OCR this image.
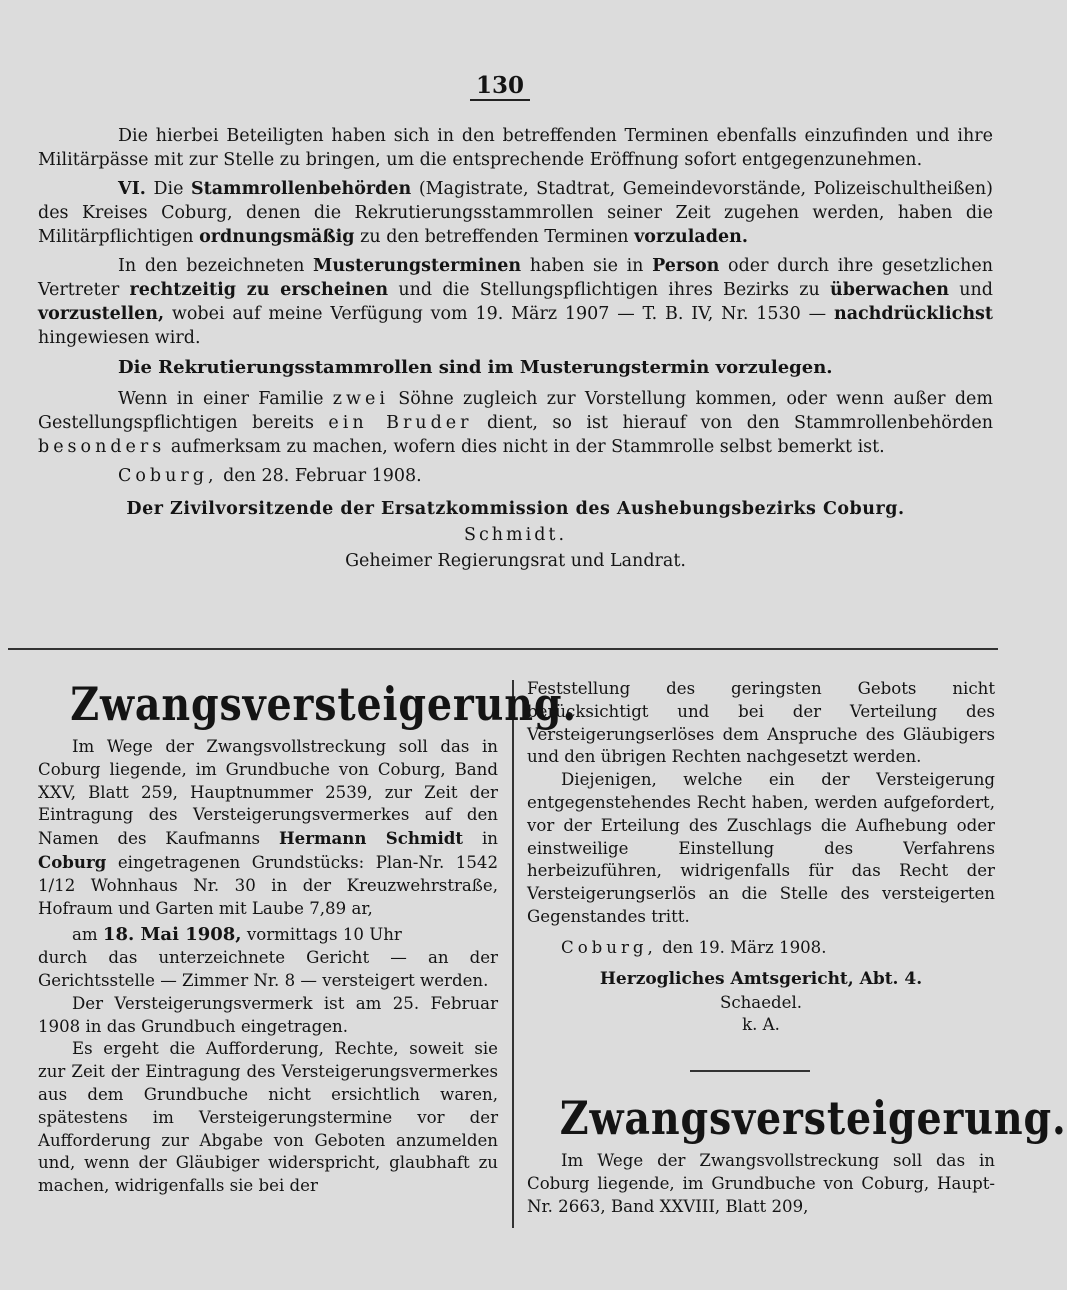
130

Die hierbei Beteiligten haben sich in den betreffenden Terminen ebenfalls einzufinden und ihre Militärpässe mit zur Stelle zu bringen, um die entsprechende Eröffnung sofort entgegenzunehmen.

VI. Die Stammrollenbehörden (Magistrate, Stadtrat, Gemeindevorstände, Polizeischultheißen) des Kreises Coburg, denen die Rekrutierungsstammrollen seiner Zeit zugehen werden, haben die Militärpflichtigen ordnungsmäßig zu den betreffenden Terminen vorzuladen.

In den bezeichneten Musterungsterminen haben sie in Person oder durch ihre gesetzlichen Vertreter rechtzeitig zu erscheinen und die Stellungspflichtigen ihres Bezirks zu überwachen und vorzustellen, wobei auf meine Verfügung vom 19. März 1907 — T. B. IV, Nr. 1530 — nachdrücklichst hingewiesen wird.

Die Rekrutierungsstammrollen sind im Musterungstermin vorzulegen.

Wenn in einer Familie zwei Söhne zugleich zur Vorstellung kommen, oder wenn außer dem Gestellungspflichtigen bereits ein Bruder dient, so ist hierauf von den Stammrollenbehörden besonders aufmerksam zu machen, wofern dies nicht in der Stammrolle selbst bemerkt ist.

Coburg, den 28. Februar 1908.

Der Zivilvorsitzende der Ersatzkommission des Aushebungsbezirks Coburg.
Schmidt.
Geheimer Regierungsrat und Landrat.
Zwangsversteigerung.

Im Wege der Zwangsvollstreckung soll das in Coburg liegende, im Grundbuche von Coburg, Band XXV, Blatt 259, Hauptnummer 2539, zur Zeit der Eintragung des Versteigerungsvermerkes auf den Namen des Kaufmanns Hermann Schmidt in Coburg eingetragenen Grundstücks: Plan-Nr. 1542 1/12 Wohnhaus Nr. 30 in der Kreuzwehrstraße, Hofraum und Garten mit Laube 7,89 ar,

am 18. Mai 1908, vormittags 10 Uhr

durch das unterzeichnete Gericht — an der Gerichtsstelle — Zimmer Nr. 8 — versteigert werden.

Der Versteigerungsvermerk ist am 25. Februar 1908 in das Grundbuch eingetragen.

Es ergeht die Aufforderung, Rechte, soweit sie zur Zeit der Eintragung des Versteigerungsvermerkes aus dem Grundbuche nicht ersichtlich waren, spätestens im Versteigerungstermine vor der Aufforderung zur Abgabe von Geboten anzumelden und, wenn der Gläubiger widerspricht, glaubhaft zu machen, widrigenfalls sie bei der

Feststellung des geringsten Gebots nicht berücksichtigt und bei der Verteilung des Versteigerungserlöses dem Anspruche des Gläubigers und den übrigen Rechten nachgesetzt werden.

Diejenigen, welche ein der Versteigerung entgegenstehendes Recht haben, werden aufgefordert, vor der Erteilung des Zuschlags die Aufhebung oder einstweilige Einstellung des Verfahrens herbeizuführen, widrigenfalls für das Recht der Versteigerungserlös an die Stelle des versteigerten Gegenstandes tritt.

Coburg, den 19. März 1908.

Herzogliches Amtsgericht, Abt. 4.
Schaedel.
k. A.
Zwangsversteigerung.

Im Wege der Zwangsvollstreckung soll das in Coburg liegende, im Grundbuche von Coburg, Haupt-Nr. 2663, Band XXVIII, Blatt 209,
